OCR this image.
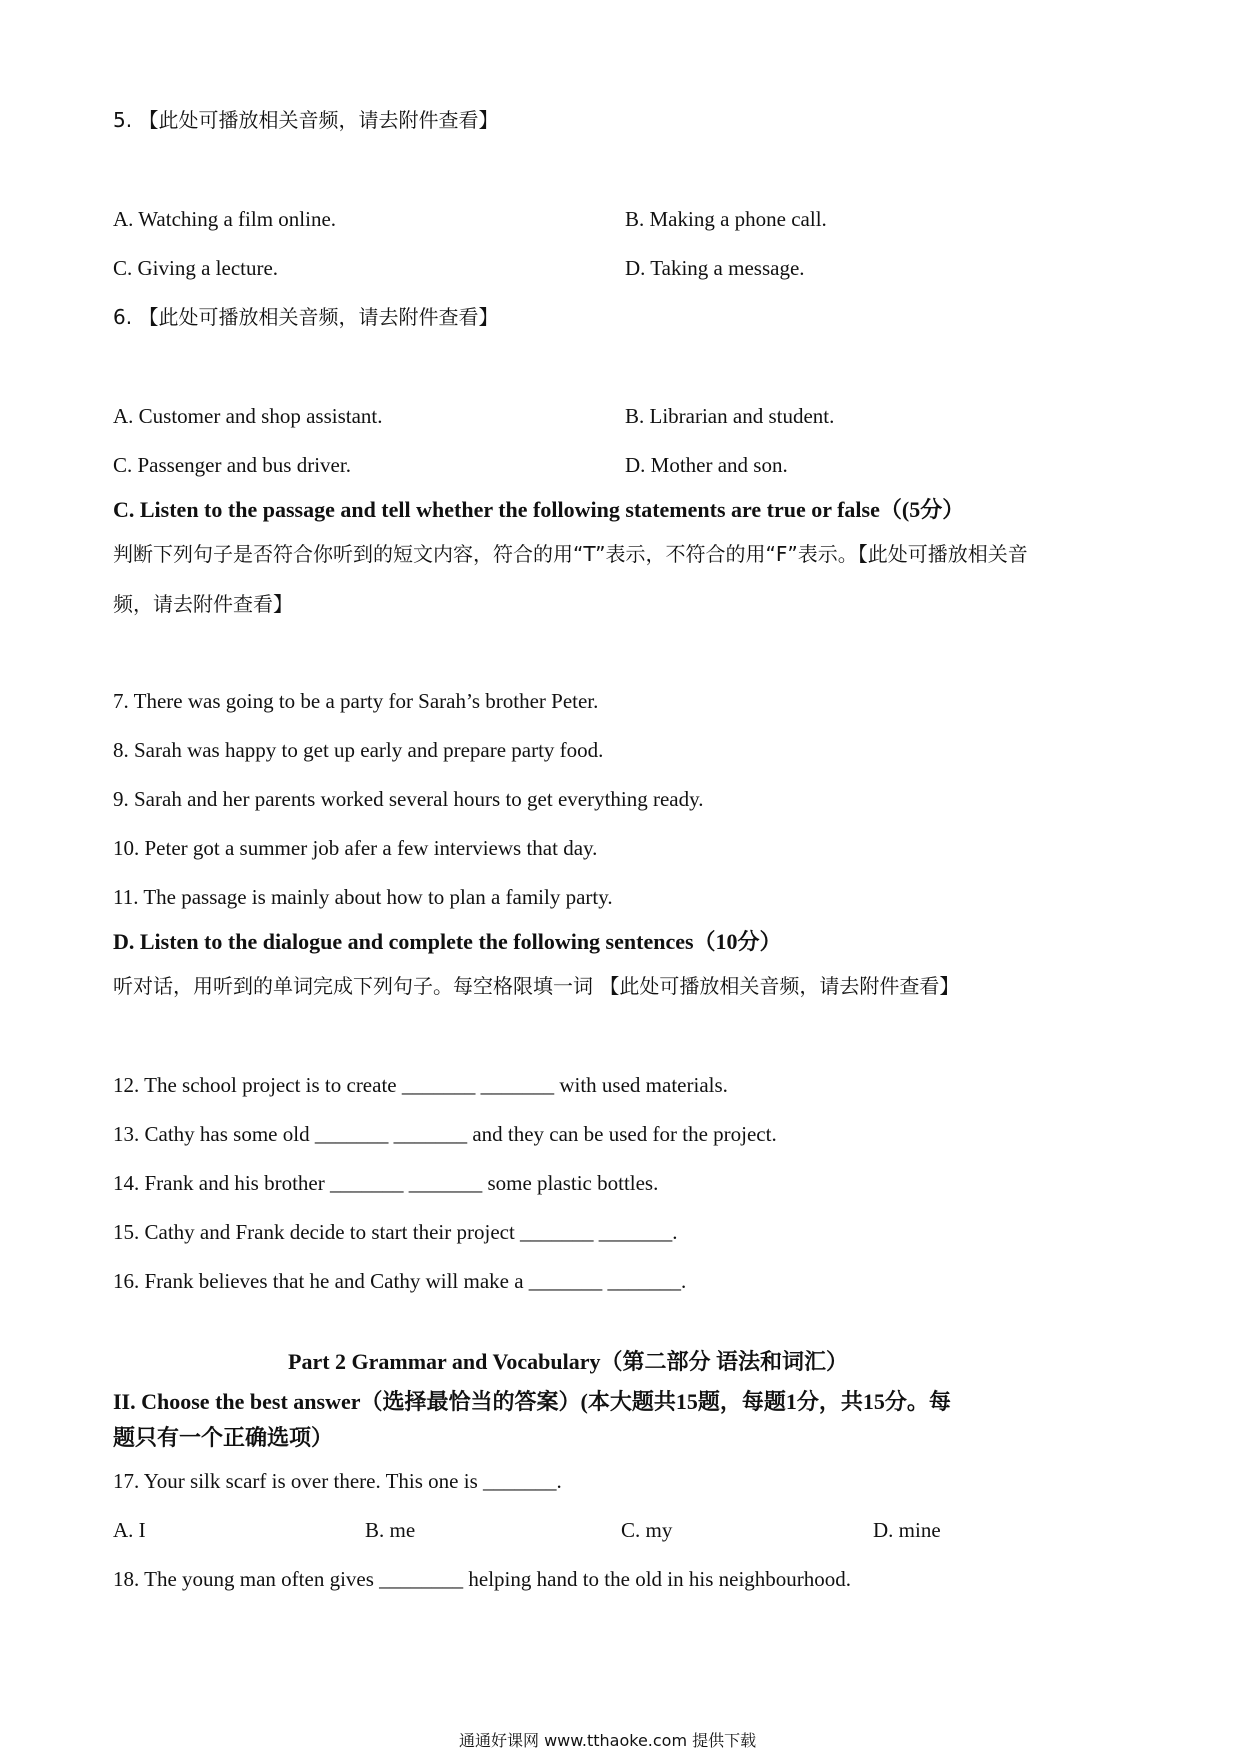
5. 【此处可播放相关音频，请去附件查看】
A. Watching a film online.	B. Making a phone call.
C. Giving a lecture.	D. Taking a message.
6. 【此处可播放相关音频，请去附件查看】
A. Customer and shop assistant.	B. Librarian and student.
C. Passenger and bus driver.	D. Mother and son.
C. Listen to the passage and tell whether the following statements are true or false（(5分）
判断下列句子是否符合你听到的短文内容，符合的用“T”表示，不符合的用“F”表示。【此处可播放相关音
频，请去附件查看】
7. There was going to be a party for Sarah’s brother Peter.
8. Sarah was happy to get up early and prepare party food.
9. Sarah and her parents worked several hours to get everything ready.
10. Peter got a summer job afer a few interviews that day.
11. The passage is mainly about how to plan a family party.
D. Listen to the dialogue and complete the following sentences（10分）
听对话，用听到的单词完成下列句子。每空格限填一词 【此处可播放相关音频，请去附件查看】
12. The school project is to create _______ _______ with used materials.
13. Cathy has some old _______ _______ and they can be used for the project.
14. Frank and his brother _______ _______ some plastic bottles.
15. Cathy and Frank decide to start their project _______ _______.
16. Frank believes that he and Cathy will make a _______ _______.
Part 2 Grammar and Vocabulary（第二部分 语法和词汇）
II. Choose the best answer（选择最恰当的答案）(本大题共15题，每题1分，共15分。每
题只有一个正确选项）
17. Your silk scarf is over there. This one is _______.
A. I	B. me	C. my	D. mine
18. The young man often gives ________ helping hand to the old in his neighbourhood.
通通好课网 www.tthaoke.com 提供下载
